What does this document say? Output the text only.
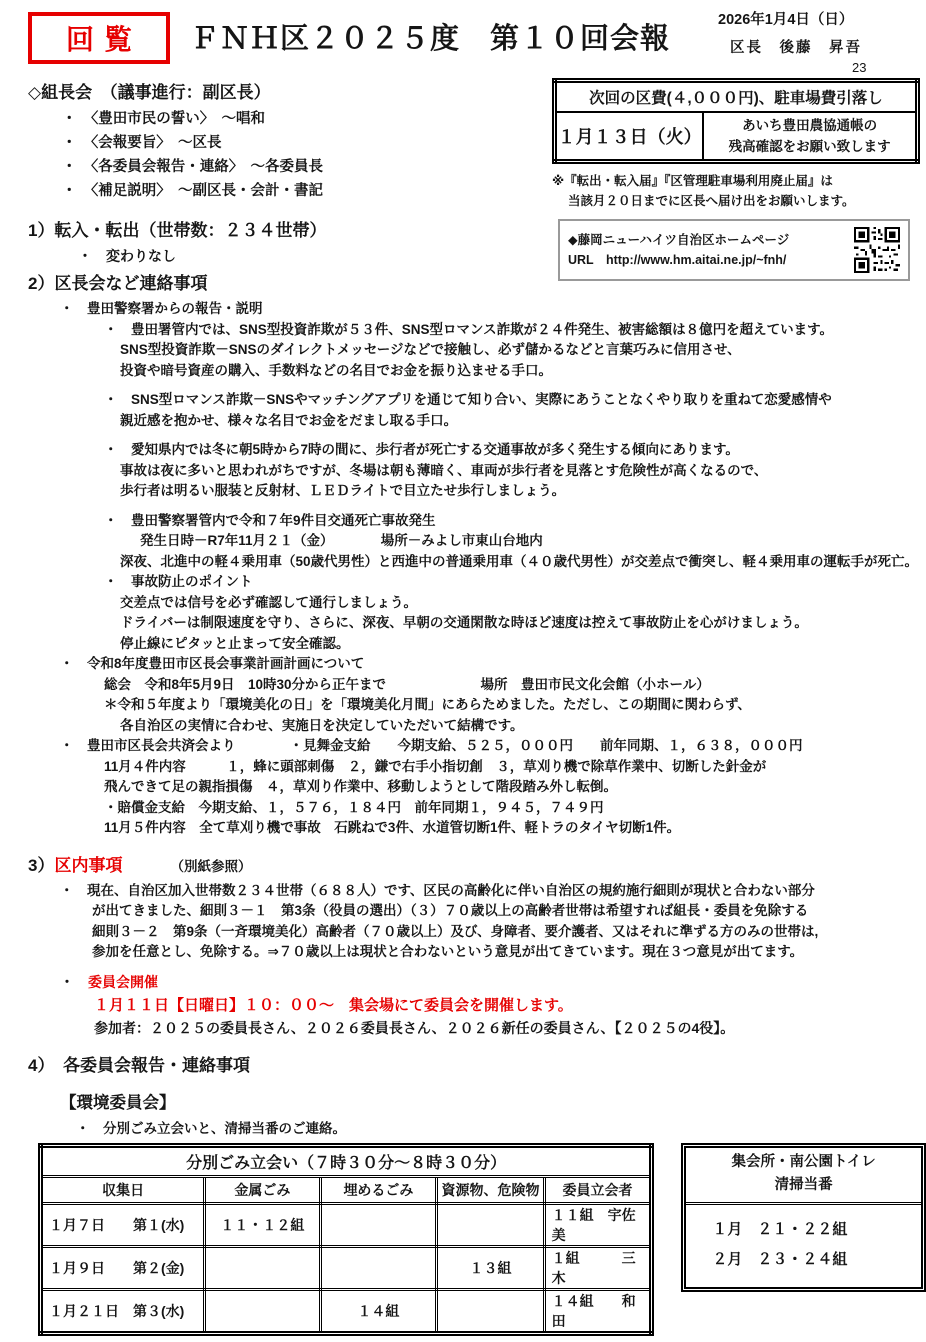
回覧 ＦＮＨ区２０２５度　第１０回会報
2026年1月4日（日）
区長　後藤　昇吾
23
◇組長会　（議事進行：副区長）
・　〈豊田市民の誓い〉　～唱和
・　〈会報要旨〉　～区長
・　〈各委員会報告・連絡〉　～各委員長
・　〈補足説明〉　～副区長・会計・書記
1）転入・転出（世帯数：２３４世帯）
・　変わりなし
次回の区費(４,０００円)、駐車場費引落し
１月１３日（火）	
あいち豊田農協通帳の
残高確認をお願い致します
※『転出・転入届』『区管理駐車場利用廃止届』は
当該月２０日までに区長へ届け出をお願いします。
◆藤岡ニューハイツ自治区ホームページ
URL　http://www.hm.aitai.ne.jp/~fnh/
2）区長会など連絡事項
・　豊田警察署からの報告・説明
・　豊田署管内では、SNS型投資詐欺が５３件、SNS型ロマンス詐欺が２４件発生、被害総額は８億円を超えています。
SNS型投資詐欺－SNSのダイレクトメッセージなどで接触し、必ず儲かるなどと言葉巧みに信用させ、
投資や暗号資産の購入、手数料などの名目でお金を振り込ませる手口。
・　SNS型ロマンス詐欺－SNSやマッチングアプリを通じて知り合い、実際にあうことなくやり取りを重ねて恋愛感情や
親近感を抱かせ、様々な名目でお金をだまし取る手口。
・　愛知県内では冬に朝5時から7時の間に、歩行者が死亡する交通事故が多く発生する傾向にあります。
事故は夜に多いと思われがちですが、冬場は朝も薄暗く、車両が歩行者を見落とす危険性が高くなるので、
歩行者は明るい服装と反射材、ＬＥＤライトで目立たせ歩行しましょう。
・　豊田警察署管内で令和７年9件目交通死亡事故発生
発生日時－R7年11月２１（金）　　　　場所－みよし市東山台地内
深夜、北進中の軽４乗用車（50歳代男性）と西進中の普通乗用車（４０歳代男性）が交差点で衝突し、軽４乗用車の運転手が死亡。
・　事故防止のポイント
交差点では信号を必ず確認して通行しましょう。
ドライバーは制限速度を守り、さらに、深夜、早朝の交通閑散な時ほど速度は控えて事故防止を心がけましょう。
停止線にピタッと止まって安全確認。
・　令和8年度豊田市区長会事業計画計画について
総会　令和8年5月9日　10時30分から正午まで　　　　　　　場所　豊田市民文化会館（小ホール）
＊令和５年度より「環境美化の日」を「環境美化月間」にあらためました。ただし、この期間に関わらず、
各自治区の実情に合わせ、実施日を決定していただいて結構です。
・　豊田市区長会共済会より　　　　・見舞金支給　　今期支給、５２５，０００円　　前年同期、１，６３８，０００円
11月４件内容　　　１，蜂に頭部刺傷　２，鎌で右手小指切創　３，草刈り機で除草作業中、切断した針金が
飛んできて足の親指損傷　４，草刈り作業中、移動しようとして階段踏み外し転倒。
・賠償金支給　今期支給、１，５７６，１８４円　前年同期１，９４５，７４９円
11月５件内容　全て草刈り機で事故　石跳ねで3件、水道管切断1件、軽トラのタイヤ切断1件。
3） 区内事項	（別紙参照）
・　現在、自治区加入世帯数２３４世帯（６８８人）です、区民の高齢化に伴い自治区の規約施行細則が現状と合わない部分
が出てきました、細則３－１　第3条（役員の選出）（３）７０歳以上の高齢者世帯は希望すれば組長・委員を免除する
細則３－２　第9条（一斉環境美化）高齢者（７０歳以上）及び、身障者、要介護者、又はそれに準ずる方のみの世帯は,
参加を任意とし、免除する。⇒７０歳以上は現状と合わないという意見が出てきています。現在３つ意見が出てます。
・　 委員会開催
１月１１日【日曜日】１０：００～　集会場にて委員会を開催します。
参加者：２０２５の委員長さん、２０２６委員長さん、２０２６新任の委員さん、【２０２５の4役】。
4）　各委員会報告・連絡事項
【環境委員会】
・　分別ごみ立会いと、清掃当番のご連絡。
分別ごみ立会い（７時３０分～８時３０分）				
収集日	金属ごみ	埋めるごみ	資源物、危険物	委員立会者
１月７日　　第１(水)	１１・１２組			１１組　宇佐美
１月９日　　第２(金)			１３組	１組　　　三木
１月２１日　第３(水)		１４組		１４組　　和田
集会所・南公園トイレ
清掃当番
１月　２１・２２組
２月　２３・２４組
